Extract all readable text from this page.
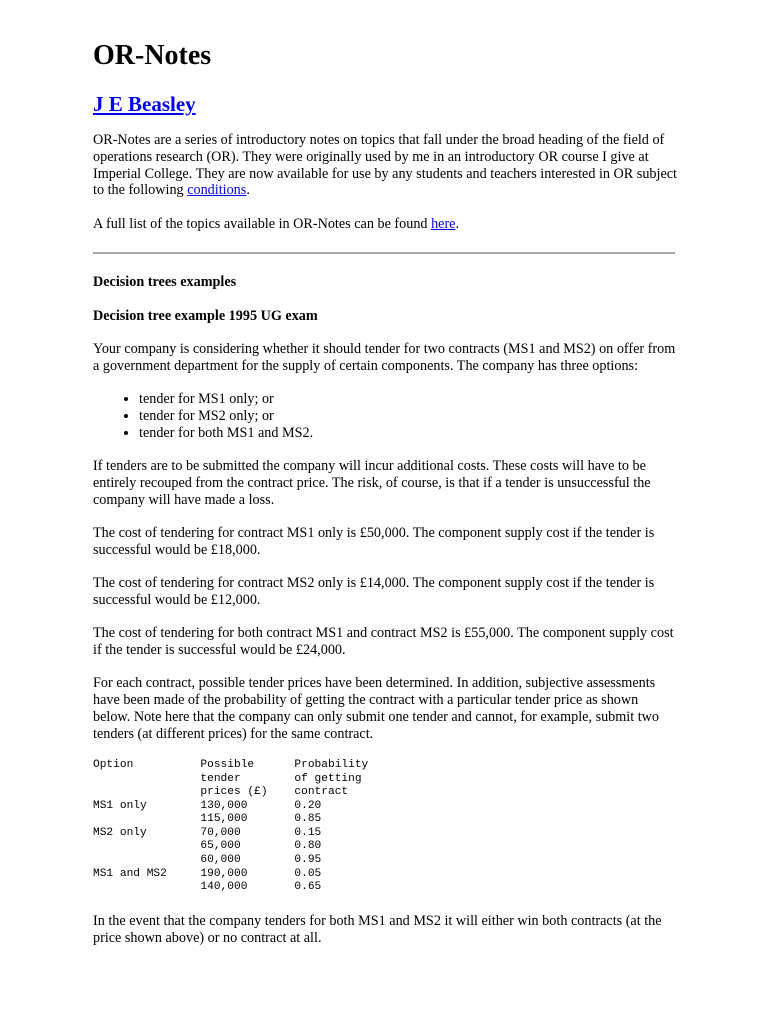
OR-Notes
J E Beasley

OR-Notes are a series of introductory notes on topics that fall under the broad heading of the field of operations research (OR). They were originally used by me in an introductory OR course I give at Imperial College. They are now available for use by any students and teachers interested in OR subject to the following conditions.

A full list of the topics available in OR-Notes can be found here.

Decision trees examples
Decision tree example 1995 UG exam

Your company is considering whether it should tender for two contracts (MS1 and MS2) on offer from a government department for the supply of certain components. The company has three options:

• tender for MS1 only; or
• tender for MS2 only; or
• tender for both MS1 and MS2.

If tenders are to be submitted the company will incur additional costs. These costs will have to be entirely recouped from the contract price. The risk, of course, is that if a tender is unsuccessful the company will have made a loss.

The cost of tendering for contract MS1 only is £50,000. The component supply cost if the tender is successful would be £18,000.

The cost of tendering for contract MS2 only is £14,000. The component supply cost if the tender is successful would be £12,000.

The cost of tendering for both contract MS1 and contract MS2 is £55,000. The component supply cost if the tender is successful would be £24,000.

For each contract, possible tender prices have been determined. In addition, subjective assessments have been made of the probability of getting the contract with a particular tender price as shown below. Note here that the company can only submit one tender and cannot, for example, submit two tenders (at different prices) for the same contract.

Option          Possible      Probability
tender        of getting
prices (£)    contract
MS1 only        130,000       0.20
115,000       0.85
MS2 only        70,000        0.15
65,000        0.80
60,000        0.95
MS1 and MS2     190,000       0.05
140,000       0.65

In the event that the company tenders for both MS1 and MS2 it will either win both contracts (at the price shown above) or no contract at all.
